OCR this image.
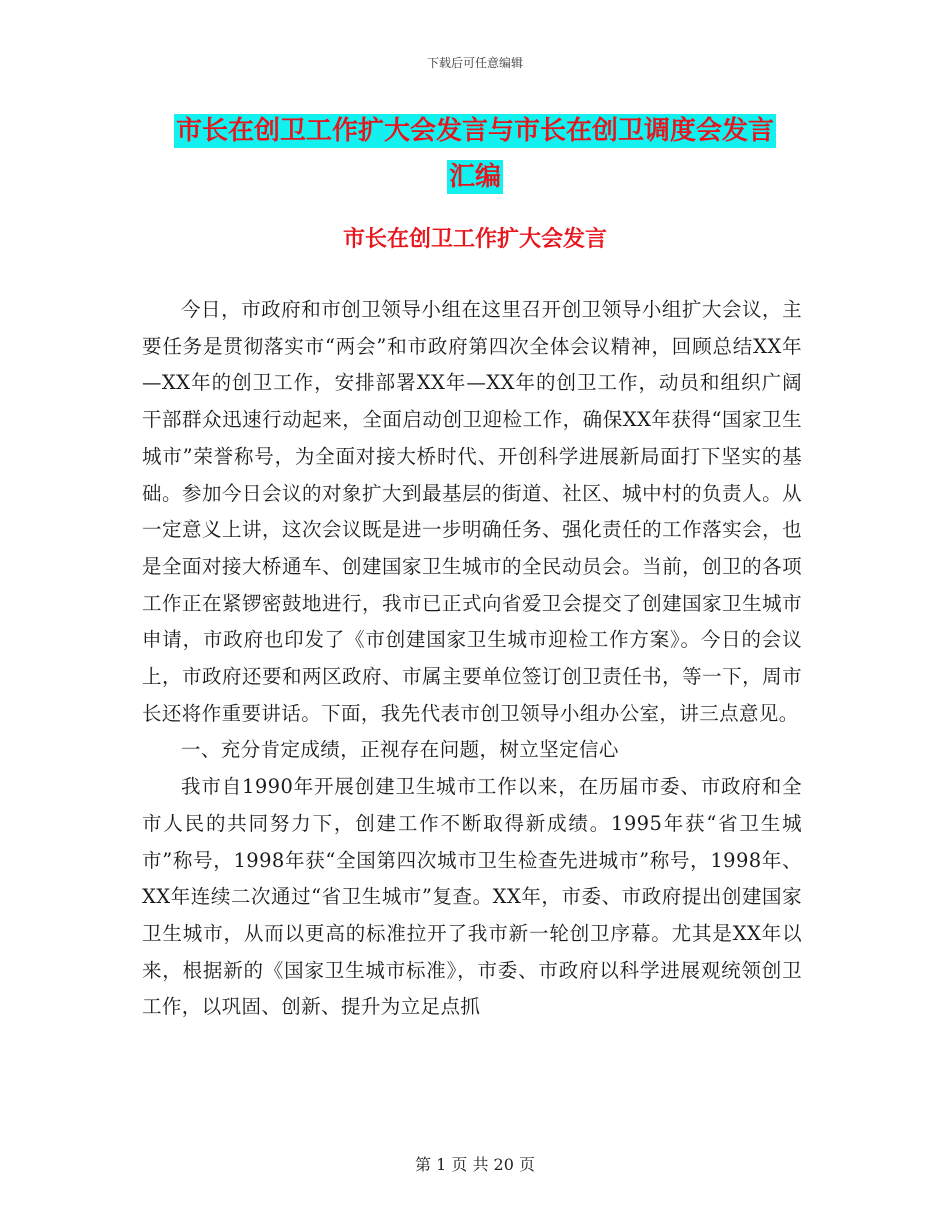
下载后可任意编辑
市长在创卫工作扩大会发言与市长在创卫调度会发言
汇编
市长在创卫工作扩大会发言

今日，市政府和市创卫领导小组在这里召开创卫领导小组扩大会议，主要任务是贯彻落实市“两会”和市政府第四次全体会议精神，回顾总结XX年—XX年的创卫工作，安排部署XX年—XX年的创卫工作，动员和组织广阔干部群众迅速行动起来，全面启动创卫迎检工作，确保XX年获得“国家卫生城市”荣誉称号，为全面对接大桥时代、开创科学进展新局面打下坚实的基础。参加今日会议的对象扩大到最基层的街道、社区、城中村的负责人。从一定意义上讲，这次会议既是进一步明确任务、强化责任的工作落实会，也是全面对接大桥通车、创建国家卫生城市的全民动员会。当前，创卫的各项工作正在紧锣密鼓地进行，我市已正式向省爱卫会提交了创建国家卫生城市申请，市政府也印发了《市创建国家卫生城市迎检工作方案》。今日的会议上，市政府还要和两区政府、市属主要单位签订创卫责任书，等一下，周市长还将作重要讲话。下面，我先代表市创卫领导小组办公室，讲三点意见。

一、充分肯定成绩，正视存在问题，树立坚定信心

我市自1990年开展创建卫生城市工作以来，在历届市委、市政府和全市人民的共同努力下，创建工作不断取得新成绩。1995年获“省卫生城市”称号，1998年获“全国第四次城市卫生检查先进城市”称号，1998年、XX年连续二次通过“省卫生城市”复查。XX年，市委、市政府提出创建国家卫生城市，从而以更高的标准拉开了我市新一轮创卫序幕。尤其是XX年以来，根据新的《国家卫生城市标准》，市委、市政府以科学进展观统领创卫工作，以巩固、创新、提升为立足点抓

第 1 页 共 20 页
